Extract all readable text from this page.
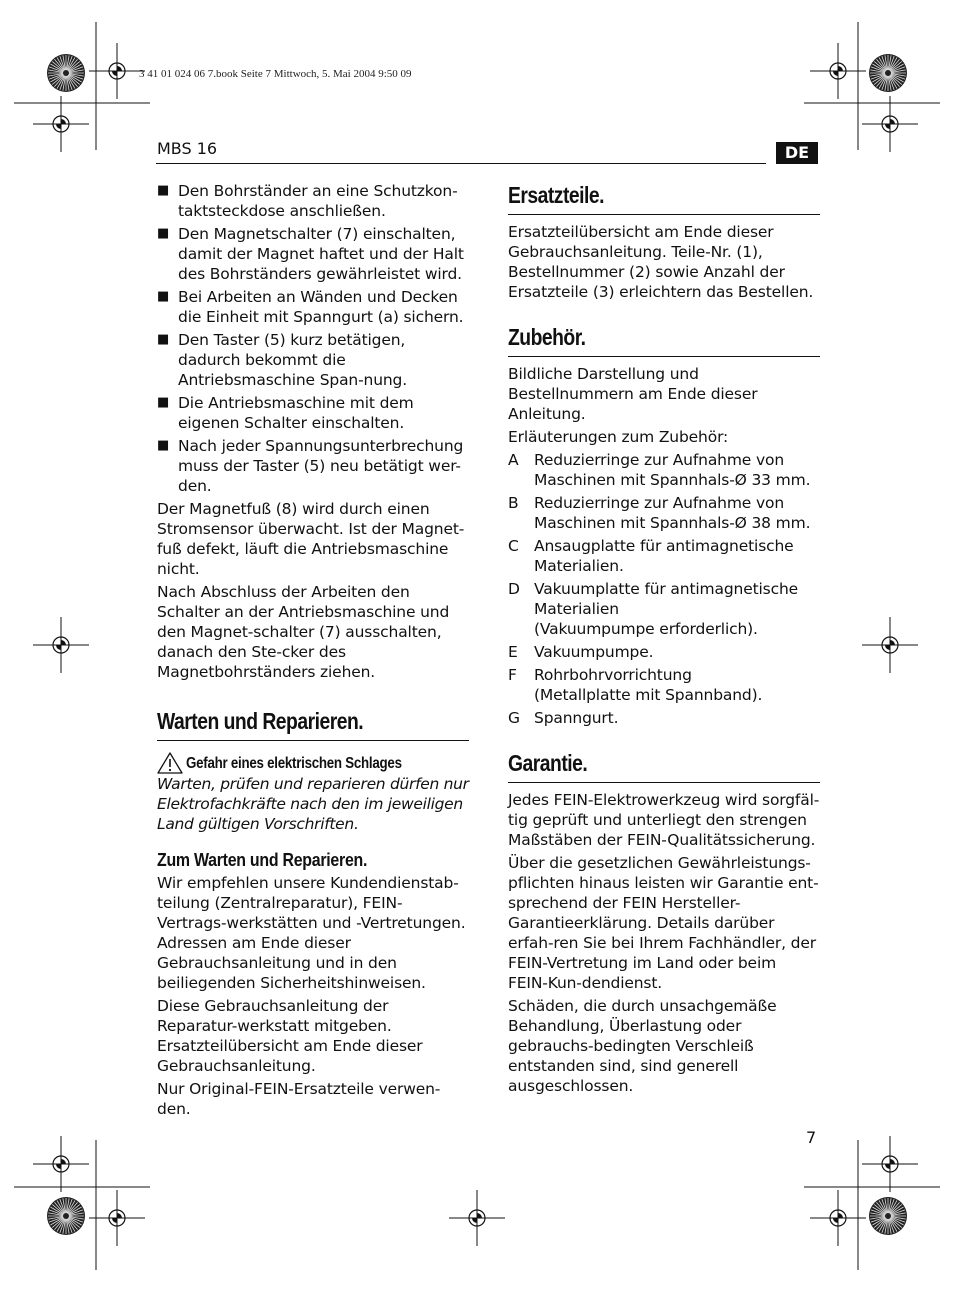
3 41 01 024 06 7.book Seite 7 Mittwoch, 5. Mai 2004 9:50 09
MBS 16	DE
■ Den Bohrständer an eine Schutzkon-taktsteckdose anschließen.
■ Den Magnetschalter (7) einschalten, damit der Magnet haftet und der Halt des Bohrständers gewährleistet wird.
■ Bei Arbeiten an Wänden und Decken die Einheit mit Spanngurt (a) sichern.
■ Den Taster (5) kurz betätigen, dadurch bekommt die Antriebsmaschine Span-nung.
■ Die Antriebsmaschine mit dem eigenen Schalter einschalten.
■ Nach jeder Spannungsunterbrechung muss der Taster (5) neu betätigt wer-den.

Der Magnetfuß (8) wird durch einen Stromsensor überwacht. Ist der Magnet-fuß defekt, läuft die Antriebsmaschine nicht.

Nach Abschluss der Arbeiten den Schalter an der Antriebsmaschine und den Magnet-schalter (7) ausschalten, danach den Ste-cker des Magnetbohrständers ziehen.

Warten und Reparieren.
Gefahr eines elektrischen Schlages

Warten, prüfen und reparieren dürfen nur Elektrofachkräfte nach den im jeweiligen Land gültigen Vorschriften.

Zum Warten und Reparieren.

Wir empfehlen unsere Kundendienstab-teilung (Zentralreparatur), FEIN-Vertrags-werkstätten und -Vertretungen. Adressen am Ende dieser Gebrauchsanleitung und in den beiliegenden Sicherheitshinweisen.

Diese Gebrauchsanleitung der Reparatur-werkstatt mitgeben. Ersatzteilübersicht am Ende dieser Gebrauchsanleitung.

Nur Original-FEIN-Ersatzteile verwen-den.

Ersatzteile.

Ersatzteilübersicht am Ende dieser Gebrauchsanleitung. Teile-Nr. (1), Bestellnummer (2) sowie Anzahl der Ersatzteile (3) erleichtern das Bestellen.

Zubehör.

Bildliche Darstellung und Bestellnummern am Ende dieser Anleitung.

Erläuterungen zum Zubehör:

A	Reduzierringe zur Aufnahme von Maschinen mit Spannhals-Ø 33 mm.
B	Reduzierringe zur Aufnahme von Maschinen mit Spannhals-Ø 38 mm.
C Ansaugplatte für antimagnetische Materialien.
D Vakuumplatte für antimagnetische Materialien
(Vakuumpumpe erforderlich).
E	Vakuumpumpe.
F	Rohrbohrvorrichtung
(Metallplatte mit Spannband).
G Spanngurt.
Garantie.

Jedes FEIN-Elektrowerkzeug wird sorgfäl-tig geprüft und unterliegt den strengen Maßstäben der FEIN-Qualitätssicherung.

Über die gesetzlichen Gewährleistungs-pflichten hinaus leisten wir Garantie ent-sprechend der FEIN Hersteller-Garantieerklärung. Details darüber erfah-ren Sie bei Ihrem Fachhändler, der FEIN-Vertretung im Land oder beim FEIN-Kun-dendienst.

Schäden, die durch unsachgemäße Behandlung, Überlastung oder gebrauchs-bedingten Verschleiß entstanden sind, sind generell ausgeschlossen.

7
